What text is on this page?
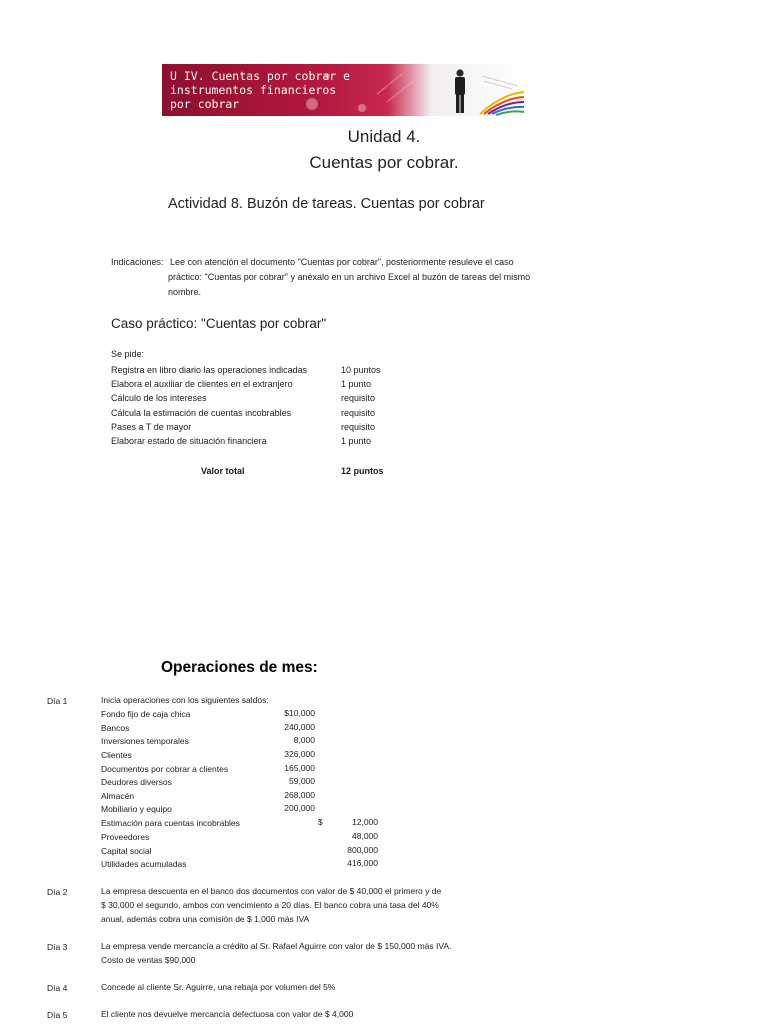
U IV. Cuentas por cobrar e
instrumentos financieros
por cobrar
Unidad 4.
Cuentas por cobrar.
Actividad 8. Buzón de tareas. Cuentas por cobrar
Indicaciones: Lee con atención el documento "Cuentas por cobrar", posteriormente resuleve el caso
práctico: "Cuentas por cobrar" y anéxalo en un archivo Excel al buzón de tareas del mismo
nombre.
Caso práctico: "Cuentas por cobrar"
Se pide:
Registra en libro diario las operaciones indicadas	10 puntos
Elabora el auxiliar de clientes en el extranjero	1 punto
Cálculo de los intereses	requisito
Cálcula la estimación de cuentas incobrables	requisito
Pases a T de mayor	requisito
Elaborar estado de situación financiera	1 punto
Valor total	12 puntos
Operaciones de mes:
Día 1	Inicia operaciones con los siguientes saldos:
Fondo fijo de caja chica	$10,000
Bancos	240,000
Inversiones temporales	8,000
Clientes	326,000
Documentos por cobrar a clientes	165,000
Deudores diversos	59,000
Almacén	268,000
Mobiliario y equipo	200,000
Estimación para cuentas incobrables	$	12,000
Proveedores	48,000
Capital social	800,000
Utilidades acumuladas	416,000
Día 2	La empresa descuenta en el banco dos documentos con valor de $ 40,000 el primero y de
$ 30,000 el segundo, ambos con vencimiento a 20 días. El banco cobra una tasa del 40%
anual, además cobra una comisión de $ 1,000 más IVA
Día 3	La empresa vende mercancía a crédito al Sr. Rafael Aguirre con valor de $ 150,000 más IVA.
Costo de ventas $90,000
Día 4	Concede al cliente Sr. Aguirre, una rebaja por volumen del 5%
Día 5	El cliente nos devuelve mercancía defectuosa con valor de $ 4,000
